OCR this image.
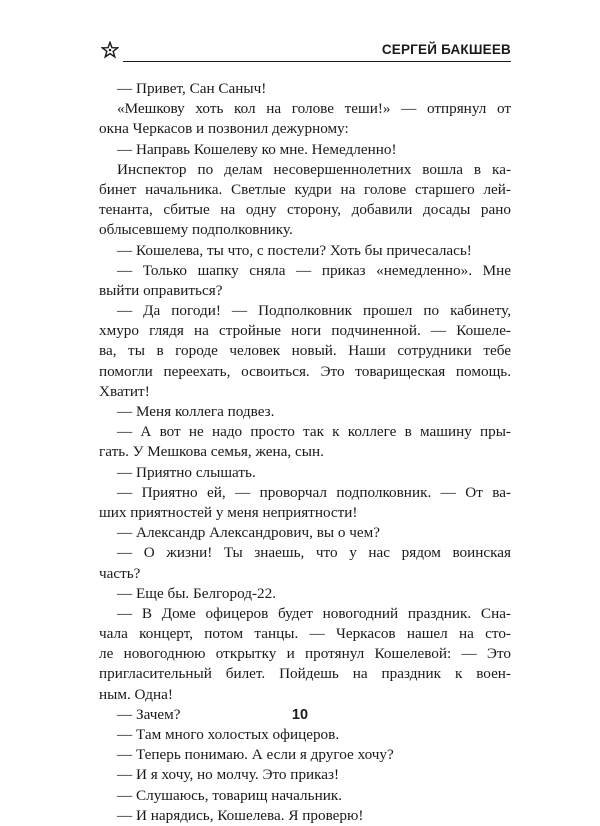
СЕРГЕЙ БАКШЕЕВ
— Привет, Сан Саныч!
«Мешкову хоть кол на голове теши!» — отпрянул от
окна Черкасов и позвонил дежурному:
— Направь Кошелеву ко мне. Немедленно!
Инспектор по делам несовершеннолетних вошла в ка-
бинет начальника. Светлые кудри на голове старшего лей-
тенанта, сбитые на одну сторону, добавили досады рано
облысевшему подполковнику.
— Кошелева, ты что, с постели? Хоть бы причесалась!
— Только шапку сняла — приказ «немедленно». Мне
выйти оправиться?
— Да погоди! — Подполковник прошел по кабинету,
хмуро глядя на стройные ноги подчиненной. — Кошеле-
ва, ты в городе человек новый. Наши сотрудники тебе
помогли переехать, освоиться. Это товарищеская помощь.
Хватит!
— Меня коллега подвез.
— А вот не надо просто так к коллеге в машину пры-
гать. У Мешкова семья, жена, сын.
— Приятно слышать.
— Приятно ей, — проворчал подполковник. — От ва-
ших приятностей у меня неприятности!
— Александр Александрович, вы о чем?
— О жизни! Ты знаешь, что у нас рядом воинская
часть?
— Еще бы. Белгород-22.
— В Доме офицеров будет новогодний праздник. Сна-
чала концерт, потом танцы. — Черкасов нашел на сто-
ле новогоднюю открытку и протянул Кошелевой: — Это
пригласительный билет. Пойдешь на праздник к воен-
ным. Одна!
— Зачем?
— Там много холостых офицеров.
— Теперь понимаю. А если я другое хочу?
— И я хочу, но молчу. Это приказ!
— Слушаюсь, товарищ начальник.
— И нарядись, Кошелева. Я проверю!
10
